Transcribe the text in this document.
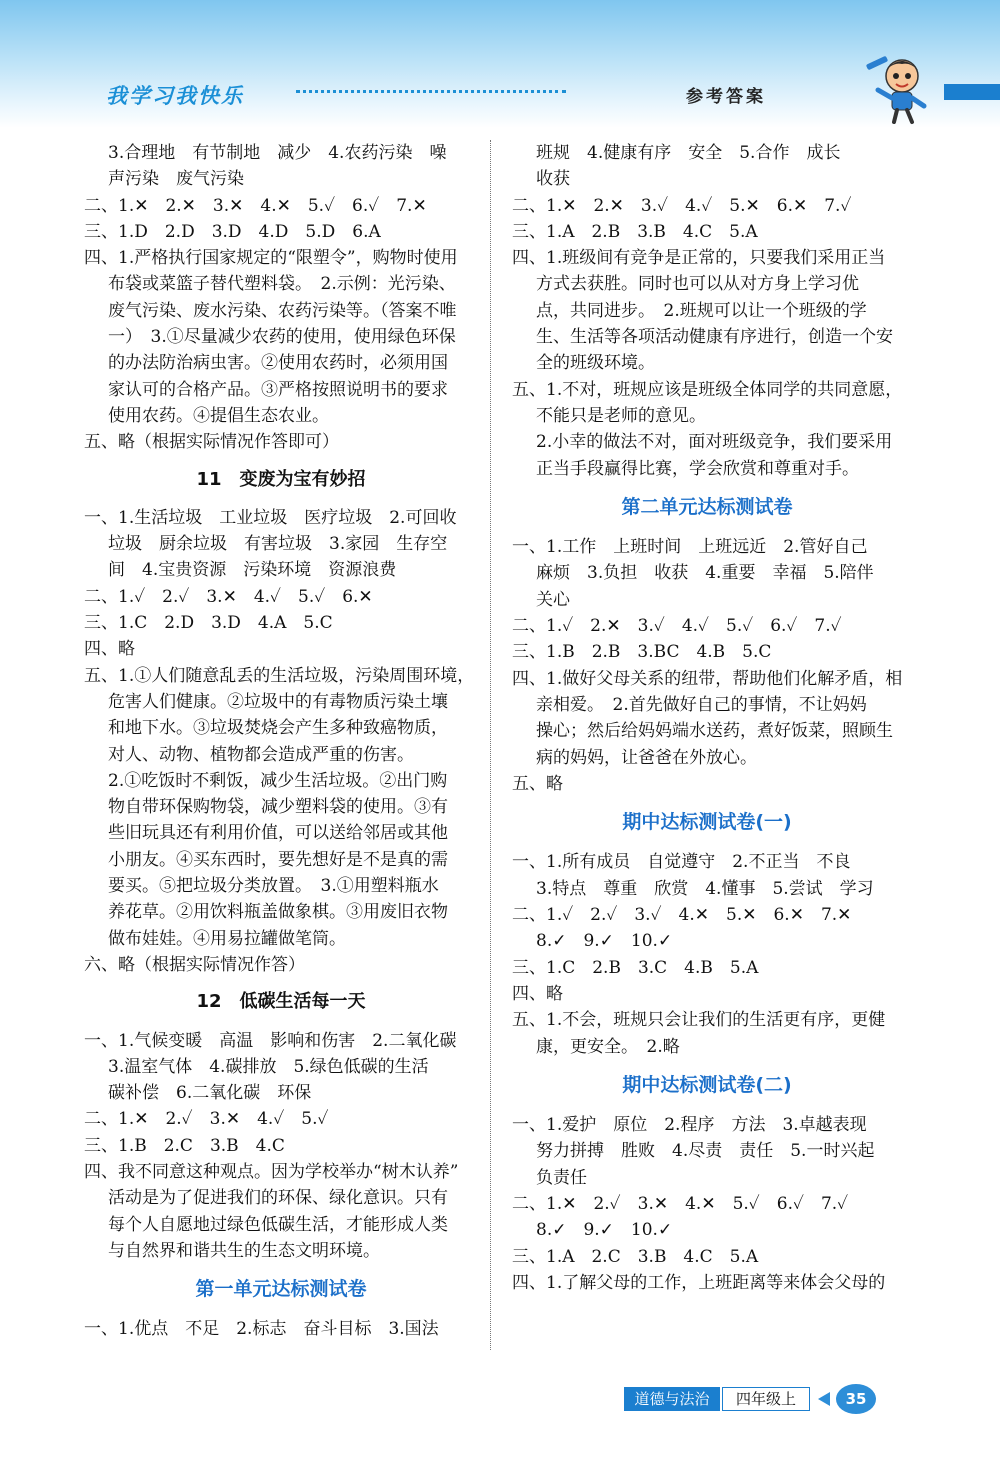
我学习我快乐	参考答案
3.合理地　有节制地　减少　4.农药污染　噪
声污染　废气污染
二、1.✕　2.✕　3.✕　4.✕　5.✓　6.✓　7.✕
三、1.D　2.D　3.D　4.D　5.D　6.A
四、1.严格执行国家规定的“限塑令”，购物时使用
布袋或菜篮子替代塑料袋。　2.示例：光污染、
废气污染、废水污染、农药污染等。（答案不唯
一）　3.①尽量减少农药的使用，使用绿色环保
的办法防治病虫害。②使用农药时，必须用国
家认可的合格产品。③严格按照说明书的要求
使用农药。④提倡生态农业。
五、略（根据实际情况作答即可）
11　变废为宝有妙招
一、1.生活垃圾　工业垃圾　医疗垃圾　2.可回收
垃圾　厨余垃圾　有害垃圾　3.家园　生存空
间　4.宝贵资源　污染环境　资源浪费
二、1.✓　2.✓　3.✕　4.✓　5.✓　6.✕
三、1.C　2.D　3.D　4.A　5.C
四、略
五、1.①人们随意乱丢的生活垃圾，污染周围环境，
危害人们健康。②垃圾中的有毒物质污染土壤
和地下水。③垃圾焚烧会产生多种致癌物质，
对人、动物、植物都会造成严重的伤害。
2.①吃饭时不剩饭，减少生活垃圾。②出门购
物自带环保购物袋，减少塑料袋的使用。③有
些旧玩具还有利用价值，可以送给邻居或其他
小朋友。④买东西时，要先想好是不是真的需
要买。⑤把垃圾分类放置。　3.①用塑料瓶水
养花草。②用饮料瓶盖做象棋。③用废旧衣物
做布娃娃。④用易拉罐做笔筒。
六、略（根据实际情况作答）
12　低碳生活每一天
一、1.气候变暖　高温　影响和伤害　2.二氧化碳
3.温室气体　4.碳排放　5.绿色低碳的生活
碳补偿　6.二氧化碳　环保
二、1.✕　2.✓　3.✕　4.✓　5.✓
三、1.B　2.C　3.B　4.C
四、我不同意这种观点。因为学校举办“树木认养”
活动是为了促进我们的环保、绿化意识。只有
每个人自愿地过绿色低碳生活，才能形成人类
与自然界和谐共生的生态文明环境。
第一单元达标测试卷
一、1.优点　不足　2.标志　奋斗目标　3.国法
班规　4.健康有序　安全　5.合作　成长
收获
二、1.✕　2.✕　3.✓　4.✓　5.✕　6.✕　7.✓
三、1.A　2.B　3.B　4.C　5.A
四、1.班级间有竞争是正常的，只要我们采用正当
方式去获胜。同时也可以从对方身上学习优
点，共同进步。　2.班规可以让一个班级的学
生、生活等各项活动健康有序进行，创造一个安
全的班级环境。
五、1.不对，班规应该是班级全体同学的共同意愿，
不能只是老师的意见。
2.小幸的做法不对，面对班级竞争，我们要采用
正当手段赢得比赛，学会欣赏和尊重对手。
第二单元达标测试卷
一、1.工作　上班时间　上班远近　2.管好自己
麻烦　3.负担　收获　4.重要　幸福　5.陪伴
关心
二、1.✓　2.✕　3.✓　4.✓　5.✓　6.✓　7.✓
三、1.B　2.B　3.BC　4.B　5.C
四、1.做好父母关系的纽带，帮助他们化解矛盾，相
亲相爱。　2.首先做好自己的事情，不让妈妈
操心；然后给妈妈端水送药，煮好饭菜，照顾生
病的妈妈，让爸爸在外放心。
五、略
期中达标测试卷(一)
一、1.所有成员　自觉遵守　2.不正当　不良
3.特点　尊重　欣赏　4.懂事　5.尝试　学习
二、1.✓　2.✓　3.✓　4.✕　5.✕　6.✕　7.✕
8.✓　9.✓　10.✓
三、1.C　2.B　3.C　4.B　5.A
四、略
五、1.不会，班规只会让我们的生活更有序，更健
康，更安全。　2.略
期中达标测试卷(二)
一、1.爱护　原位　2.程序　方法　3.卓越表现
努力拼搏　胜败　4.尽责　责任　5.一时兴起
负责任
二、1.✕　2.✓　3.✕　4.✕　5.✓　6.✓　7.✓
8.✓　9.✓　10.✓
三、1.A　2.C　3.B　4.C　5.A
四、1.了解父母的工作，上班距离等来体会父母的
道德与法治	四年级上	35
